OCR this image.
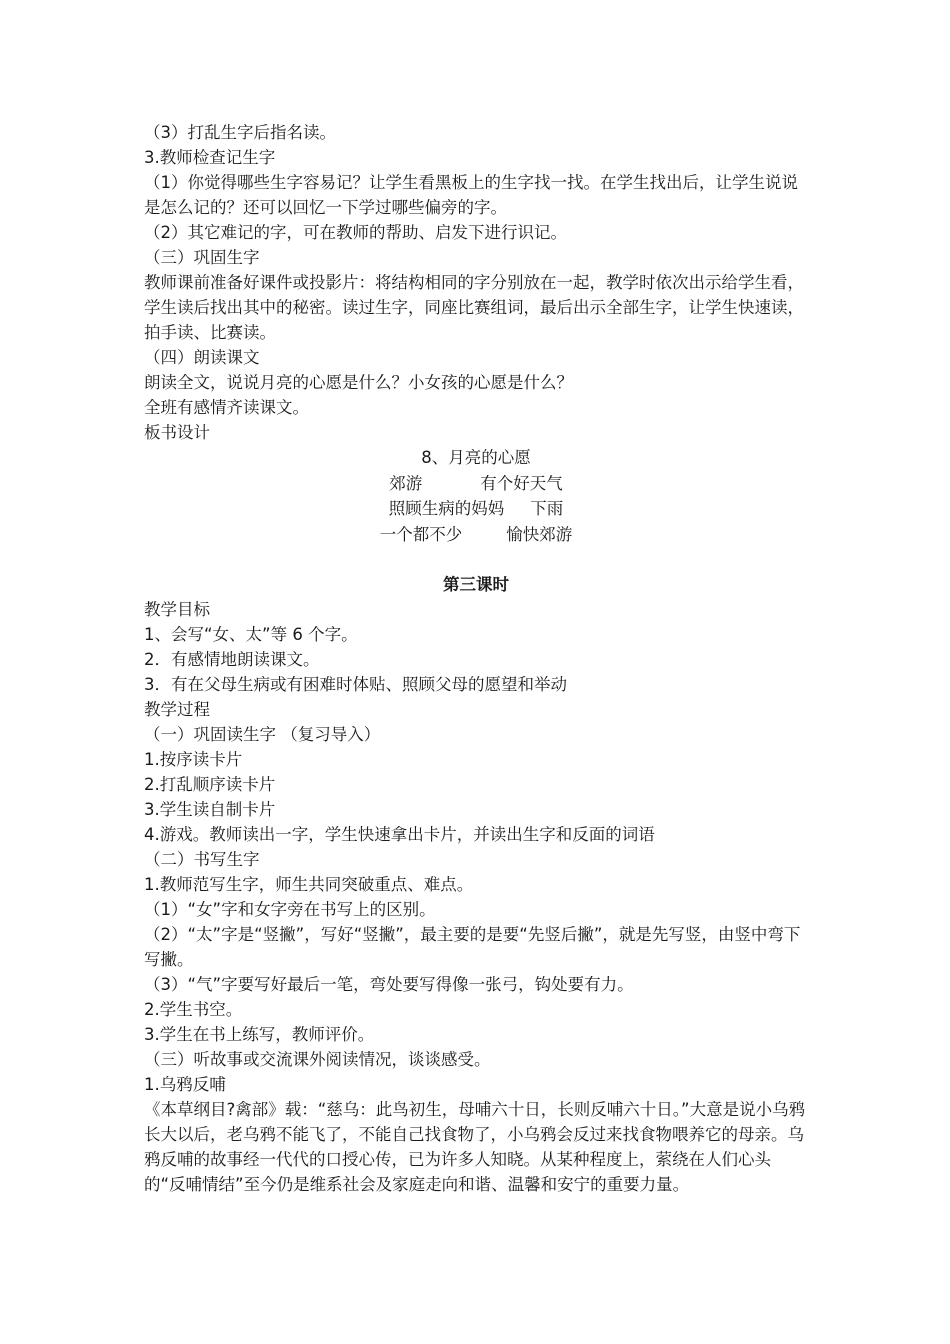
（3）打乱生字后指名读。

3.教师检查记生字

（1）你觉得哪些生字容易记？让学生看黑板上的生字找一找。在学生找出后，让学生说说是怎么记的？还可以回忆一下学过哪些偏旁的字。

（2）其它难记的字，可在教师的帮助、启发下进行识记。

（三）巩固生字

教师课前准备好课件或投影片：将结构相同的字分别放在一起，教学时依次出示给学生看，学生读后找出其中的秘密。读过生字，同座比赛组词，最后出示全部生字，让学生快速读，拍手读、比赛读。

（四）朗读课文

朗读全文，说说月亮的心愿是什么？小女孩的心愿是什么？

全班有感情齐读课文。

板书设计

8、月亮的心愿

郊游	有个好天气

照顾生病的妈妈 下雨

一个都不少	愉快郊游

第三课时

教学目标

1、会写“女、太”等 6 个字。

2．有感情地朗读课文。

3．有在父母生病或有困难时体贴、照顾父母的愿望和举动

教学过程

（一）巩固读生字 （复习导入）

1.按序读卡片

2.打乱顺序读卡片

3.学生读自制卡片

4.游戏。教师读出一字，学生快速拿出卡片，并读出生字和反面的词语

（二）书写生字

1.教师范写生字，师生共同突破重点、难点。

（1）“女”字和女字旁在书写上的区别。

（2）“太”字是“竖撇”，写好“竖撇”，最主要的是要“先竖后撇”，就是先写竖，由竖中弯下写撇。

（3）“气”字要写好最后一笔，弯处要写得像一张弓，钩处要有力。

2.学生书空。

3.学生在书上练写，教师评价。

（三）听故事或交流课外阅读情况，谈谈感受。

1.乌鸦反哺

《本草纲目?禽部》载：“慈乌：此鸟初生，母哺六十日，长则反哺六十日。”大意是说小乌鸦长大以后，老乌鸦不能飞了，不能自己找食物了，小乌鸦会反过来找食物喂养它的母亲。乌鸦反哺的故事经一代代的口授心传，已为许多人知晓。从某种程度上，萦绕在人们心头的“反哺情结”至今仍是维系社会及家庭走向和谐、温馨和安宁的重要力量。
